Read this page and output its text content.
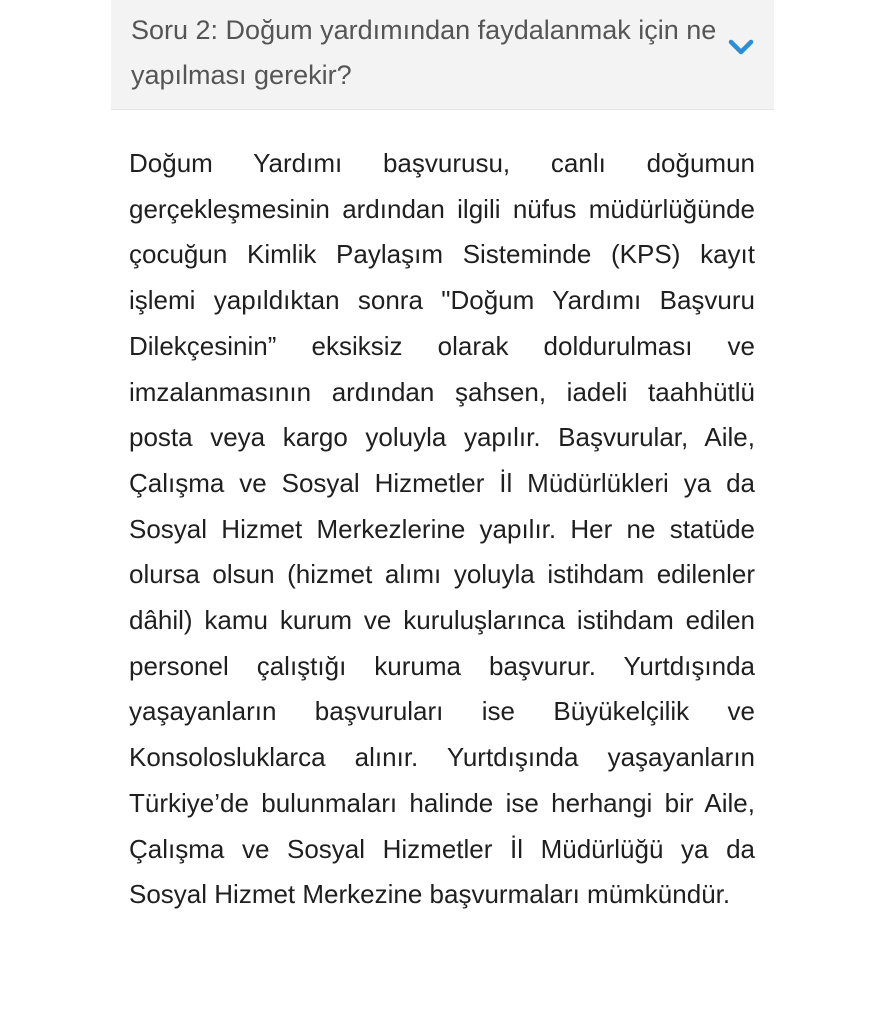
Soru 2: Doğum yardımından faydalanmak için ne yapılması gerekir?

Doğum Yardımı başvurusu, canlı doğumun gerçekleşmesinin ardından ilgili nüfus müdürlüğünde çocuğun Kimlik Paylaşım Sisteminde (KPS) kayıt işlemi yapıldıktan sonra "Doğum Yardımı Başvuru Dilekçesinin” eksiksiz olarak doldurulması ve imzalanmasının ardından şahsen, iadeli taahhütlü posta veya kargo yoluyla yapılır. Başvurular, Aile, Çalışma ve Sosyal Hizmetler İl Müdürlükleri ya da Sosyal Hizmet Merkezlerine yapılır. Her ne statüde olursa olsun (hizmet alımı yoluyla istihdam edilenler dâhil) kamu kurum ve kuruluşlarınca istihdam edilen personel çalıştığı kuruma başvurur. Yurtdışında yaşayanların başvuruları ise Büyükelçilik ve Konsolosluklarca alınır. Yurtdışında yaşayanların Türkiye’de bulunmaları halinde ise herhangi bir Aile, Çalışma ve Sosyal Hizmetler İl Müdürlüğü ya da Sosyal Hizmet Merkezine başvurmaları mümkündür.
